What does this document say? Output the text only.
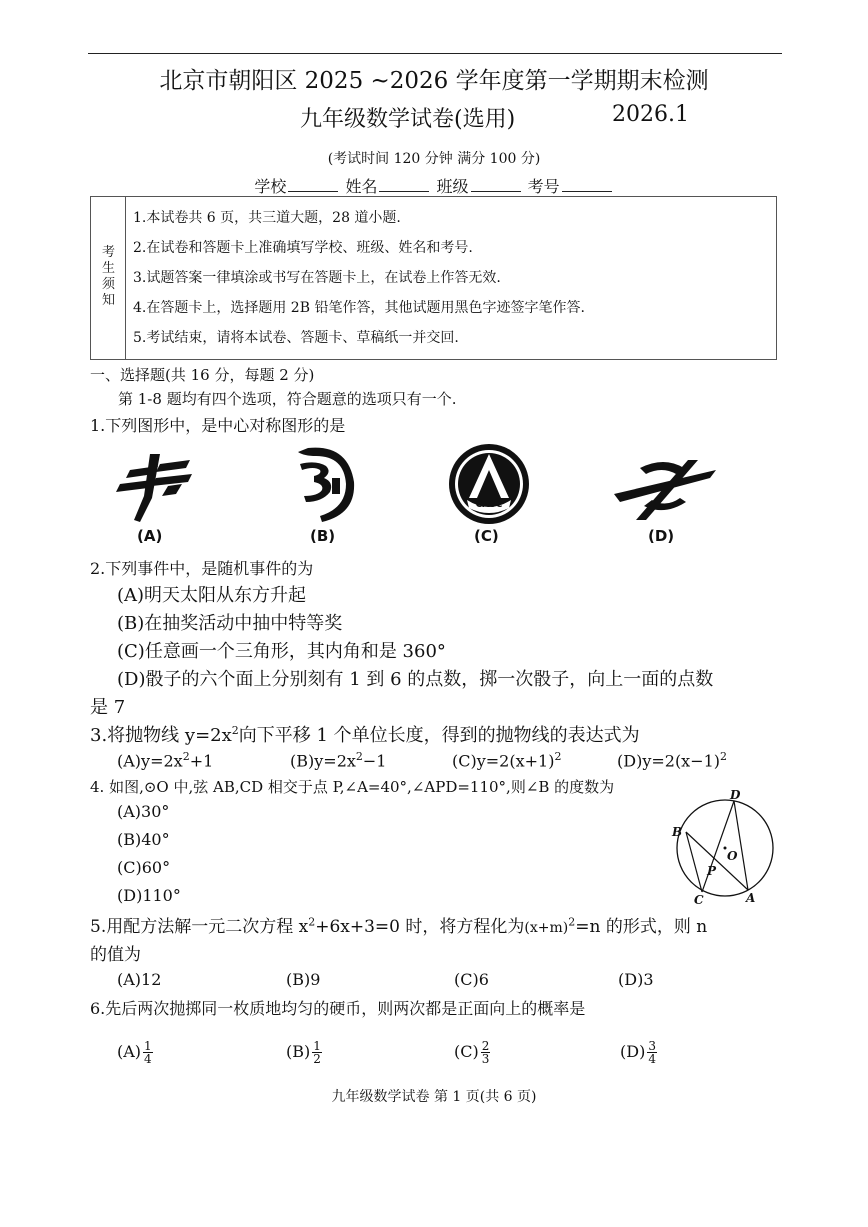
北京市朝阳区 2025 ~2026 学年度第一学期期末检测
九年级数学试卷(选用)	2026.1
(考试时间 120 分钟 满分 100 分)
学校	姓名	班级	考号
考生须知
1.本试卷共 6 页，共三道大题，28 道小题.
2.在试卷和答题卡上准确填写学校、班级、姓名和考号.
3.试题答案一律填涂或书写在答题卡上，在试卷上作答无效.
4.在答题卡上，选择题用 2B 铅笔作答，其他试题用黑色字迹签字笔作答.
5.考试结束，请将本试卷、答题卡、草稿纸一并交回.
一、选择题(共 16 分，每题 2 分)
第 1-8 题均有四个选项，符合题意的选项只有一个.
1.下列图形中，是中心对称图形的是
CASC
(A)	(B)	(C)	(D)
2.下列事件中，是随机事件的为
(A)明天太阳从东方升起
(B)在抽奖活动中抽中特等奖
(C)任意画一个三角形，其内角和是 360°
(D)骰子的六个面上分别刻有 1 到 6 的点数，掷一次骰子，向上一面的点数
是 7
3.将抛物线 $y=2x^2$向下平移 1 个单位长度，得到的抛物线的表达式为
$(A)y=2x^2+1$	$(B)y=2x^2-1$	$(C)y=2(x+1)^2$	$(D)y=2(x-1)^2$
4. 如图,⊙O 中,弦 AB,CD 相交于点 P,∠A=40°,∠APD=110°,则∠B 的度数为
(A)30°
(B)40°
(C)60°
(D)110°
D
B
O
P
C	A
5.用配方法解一元二次方程 $x^2+6x+3=0$ 时，将方程化为$(x+m)^2=n$ 的形式，则 n
的值为
(A)12	(B)9	(C)6	(D)3
6.先后两次抛掷同一枚质地均匀的硬币，则两次都是正面向上的概率是
$(A) \frac{1}{4}$	$(B) \frac{1}{2}$	$(C) \frac{2}{3}$	$(D) \frac{3}{4}$
九年级数学试卷 第 1 页(共 6 页)
